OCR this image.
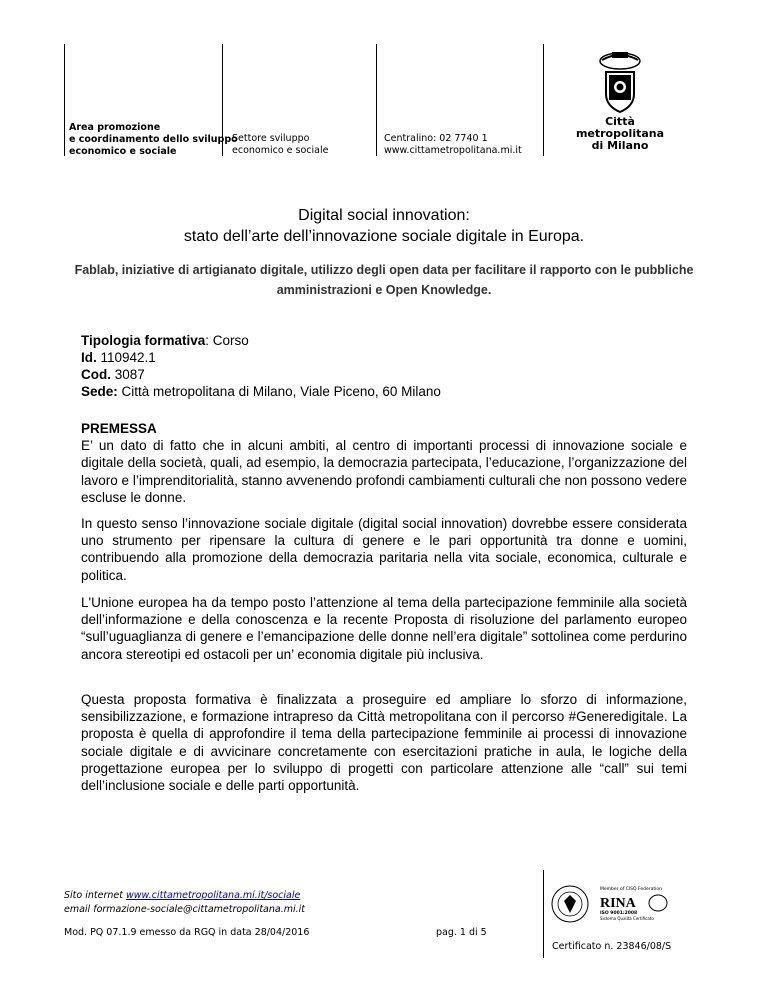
Area promozione
e coordinamento dello sviluppo
economico e sociale
Settore sviluppo
economico e sociale
Centralino: 02 7740 1
www.cittametropolitana.mi.it
Città
metropolitana
di Milano
Digital social innovation:
stato dell’arte dell’innovazione sociale digitale in Europa.
Fablab, iniziative di artigianato digitale, utilizzo degli open data per facilitare il rapporto con le pubbliche amministrazioni e Open Knowledge.
Tipologia formativa: Corso
Id. 110942.1
Cod. 3087
Sede: Città metropolitana di Milano, Viale Piceno, 60 Milano
PREMESSA
E’ un dato di fatto che in alcuni ambiti, al centro di importanti processi di innovazione sociale e digitale della società, quali, ad esempio, la democrazia partecipata, l’educazione, l’organizzazione del lavoro e l’imprenditorialità, stanno avvenendo profondi cambiamenti culturali che non possono vedere escluse le donne.
In questo senso l’innovazione sociale digitale (digital social innovation) dovrebbe essere considerata uno strumento per ripensare la cultura di genere e le pari opportunità tra donne e uomini, contribuendo alla promozione della democrazia paritaria nella vita sociale, economica, culturale e politica.
L'Unione europea ha da tempo posto l’attenzione al tema della partecipazione femminile alla società dell’informazione e della conoscenza e la recente Proposta di risoluzione del parlamento europeo “sull’uguaglianza di genere e l’emancipazione delle donne nell’era digitale” sottolinea come perdurino ancora stereotipi ed ostacoli per un’ economia digitale più inclusiva.
Questa proposta formativa è finalizzata a proseguire ed ampliare lo sforzo di informazione, sensibilizzazione, e formazione intrapreso da Città metropolitana con il percorso #Generedigitale. La proposta è quella di approfondire il tema della partecipazione femminile ai processi di innovazione sociale digitale e di avvicinare concretamente con esercitazioni pratiche in aula, le logiche della progettazione europea per lo sviluppo di progetti con particolare attenzione alle “call” sui temi dell’inclusione sociale e delle parti opportunità.
Sito internet www.cittametropolitana.mi.it/sociale
email formazione-sociale@cittametropolitana.mi.it
Mod. PQ 07.1.9 emesso da RGQ in data 28/04/2016	pag. 1 di 5
Member of CISQ Federation
RINA
ISO 9001:2008
Sistema Qualità Certificato
Certificato n. 23846/08/S
